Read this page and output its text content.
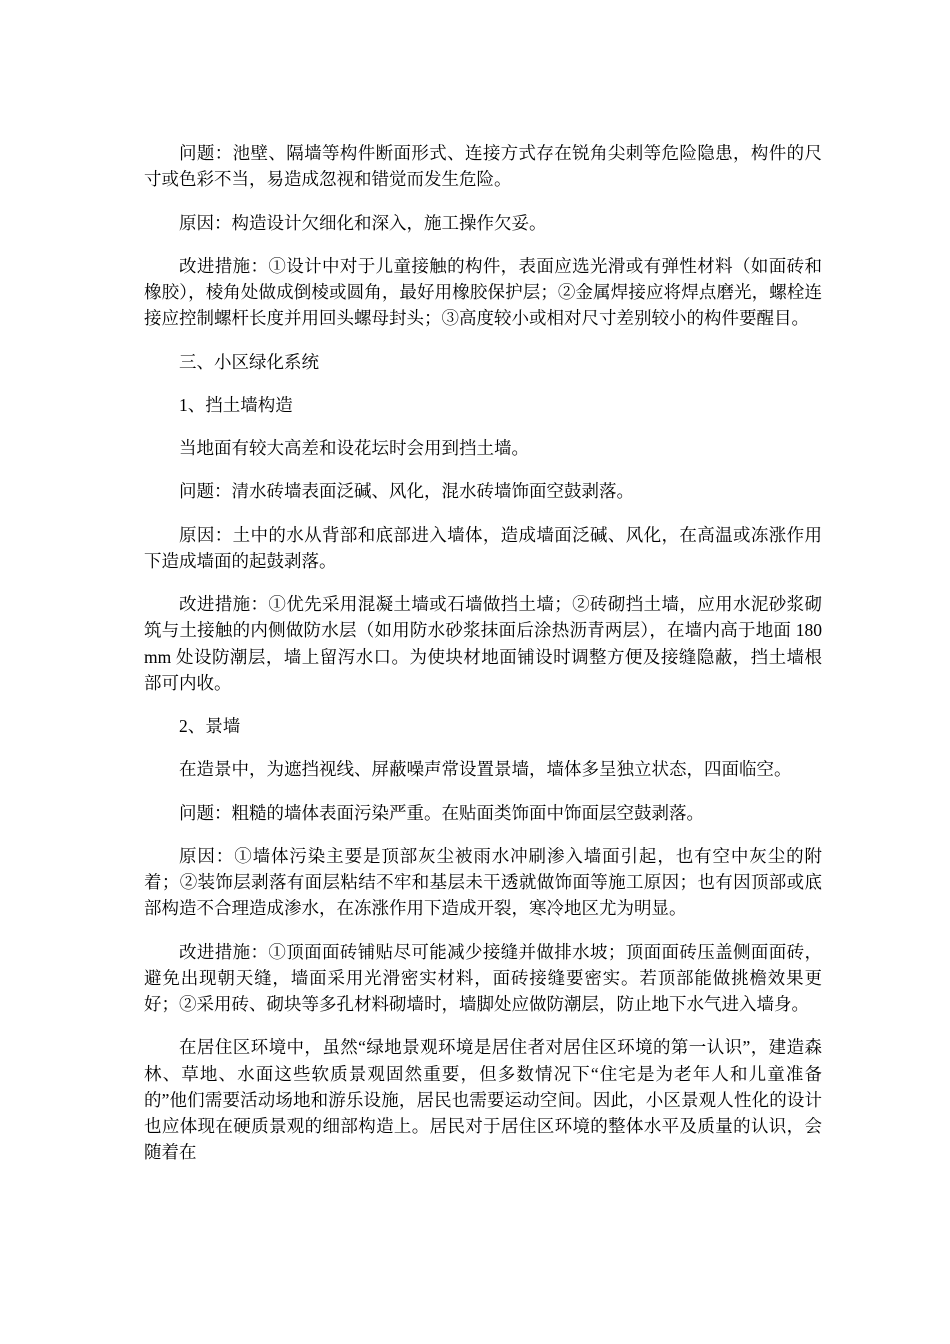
问题：池壁、隔墙等构件断面形式、连接方式存在锐角尖刺等危险隐患，构件的尺寸或色彩不当，易造成忽视和错觉而发生危险。

原因：构造设计欠细化和深入，施工操作欠妥。

改进措施：①设计中对于儿童接触的构件，表面应选光滑或有弹性材料（如面砖和橡胶），棱角处做成倒棱或圆角，最好用橡胶保护层；②金属焊接应将焊点磨光，螺栓连接应控制螺杆长度并用回头螺母封头；③高度较小或相对尺寸差别较小的构件要醒目。

三、小区绿化系统

1、挡土墙构造

当地面有较大高差和设花坛时会用到挡土墙。

问题：清水砖墙表面泛碱、风化，混水砖墙饰面空鼓剥落。

原因：土中的水从背部和底部进入墙体，造成墙面泛碱、风化，在高温或冻涨作用下造成墙面的起鼓剥落。

改进措施：①优先采用混凝土墙或石墙做挡土墙；②砖砌挡土墙，应用水泥砂浆砌筑与土接触的内侧做防水层（如用防水砂浆抹面后涂热沥青两层），在墙内高于地面 180mm 处设防潮层，墙上留泻水口。为使块材地面铺设时调整方便及接缝隐蔽，挡土墙根部可内收。

2、景墙

在造景中，为遮挡视线、屏蔽噪声常设置景墙，墙体多呈独立状态，四面临空。

问题：粗糙的墙体表面污染严重。在贴面类饰面中饰面层空鼓剥落。

原因：①墙体污染主要是顶部灰尘被雨水冲刷渗入墙面引起，也有空中灰尘的附着；②装饰层剥落有面层粘结不牢和基层未干透就做饰面等施工原因；也有因顶部或底部构造不合理造成渗水，在冻涨作用下造成开裂，寒冷地区尤为明显。

改进措施：①顶面面砖铺贴尽可能减少接缝并做排水坡；顶面面砖压盖侧面面砖，避免出现朝天缝，墙面采用光滑密实材料，面砖接缝要密实。若顶部能做挑檐效果更好；②采用砖、砌块等多孔材料砌墙时，墙脚处应做防潮层，防止地下水气进入墙身。

在居住区环境中，虽然“绿地景观环境是居住者对居住区环境的第一认识”，建造森林、草地、水面这些软质景观固然重要，但多数情况下“住宅是为老年人和儿童准备的”他们需要活动场地和游乐设施，居民也需要运动空间。因此，小区景观人性化的设计也应体现在硬质景观的细部构造上。居民对于居住区环境的整体水平及质量的认识，会随着在
